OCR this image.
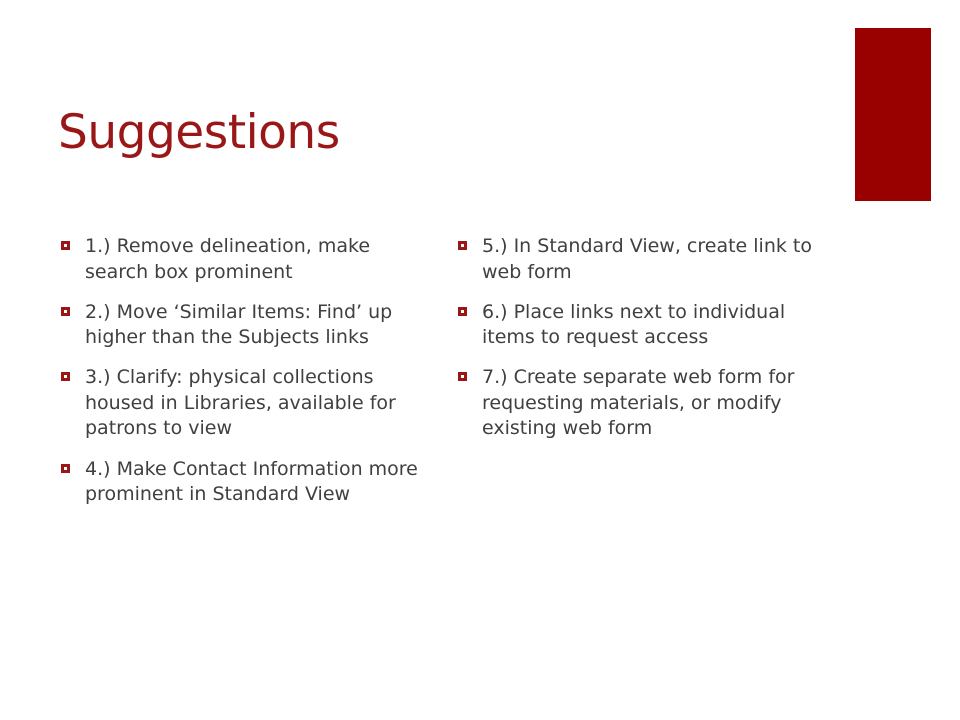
Suggestions
1.) Remove delineation, make search box prominent
2.) Move ‘Similar Items: Find’ up higher than the Subjects links
3.) Clarify: physical collections housed in Libraries, available for patrons to view
4.) Make Contact Information more prominent in Standard View
5.) In Standard View, create link to web form
6.) Place links next to individual items to request access
7.) Create separate web form for requesting materials, or modify existing web form
